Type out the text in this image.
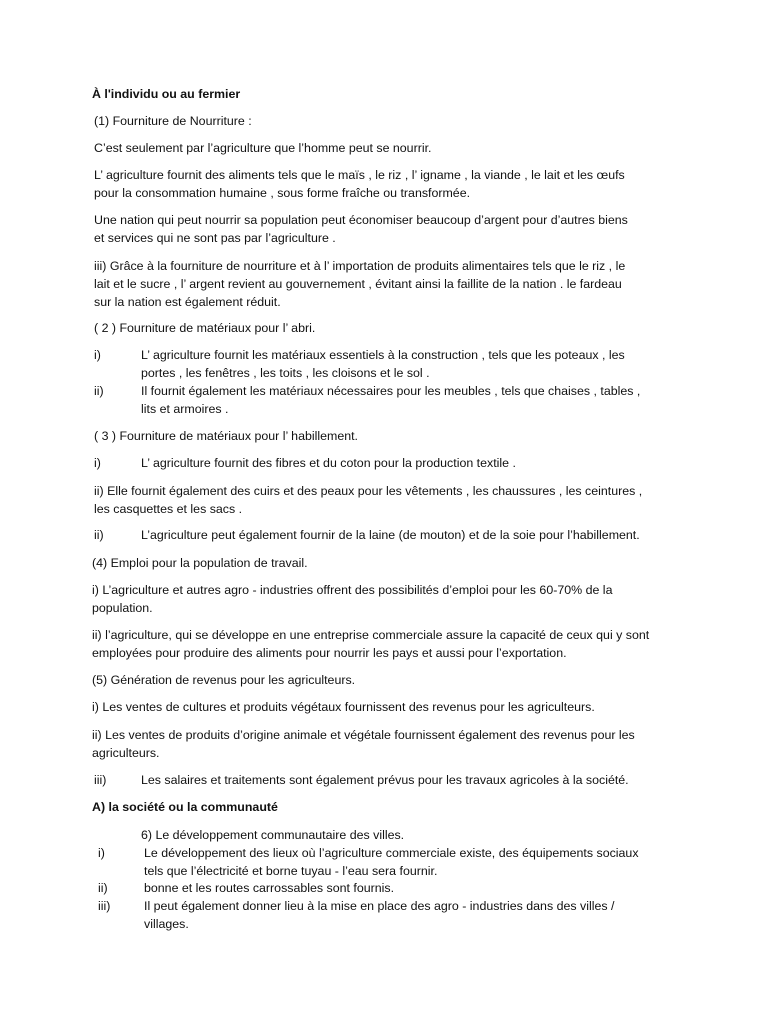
À l'individu ou au fermier
(1) Fourniture de Nourriture :
C’est seulement par l’agriculture que l’homme peut se nourrir.
L’ agriculture fournit des aliments tels que le maïs , le riz , l’ igname , la viande , le lait et les œufs
pour la consommation humaine , sous forme fraîche ou transformée.
Une nation qui peut nourrir sa population peut économiser beaucoup d’argent pour d’autres biens
et services qui ne sont pas par l’agriculture .
iii) Grâce à la fourniture de nourriture et à l’ importation de produits alimentaires tels que le riz , le
lait et le sucre , l’ argent revient au gouvernement , évitant ainsi la faillite de la nation . le fardeau
sur la nation est également réduit.
( 2 ) Fourniture de matériaux pour l’ abri.
i)	L’ agriculture fournit les matériaux essentiels à la construction , tels que les poteaux , les
portes , les fenêtres , les toits , les cloisons et le sol .
ii)	Il fournit également les matériaux nécessaires pour les meubles , tels que chaises , tables ,
lits et armoires .
( 3 ) Fourniture de matériaux pour l’ habillement.
i)	L’ agriculture fournit des fibres et du coton pour la production textile .
ii) Elle fournit également des cuirs et des peaux pour les vêtements , les chaussures , les ceintures ,
les casquettes et les sacs .
ii)	L’agriculture peut également fournir de la laine (de mouton) et de la soie pour l’habillement.
(4) Emploi pour la population de travail.
i) L’agriculture et autres agro - industries offrent des possibilités d’emploi pour les 60-70% de la
population.
ii) l’agriculture, qui se développe en une entreprise commerciale assure la capacité de ceux qui y sont
employées pour produire des aliments pour nourrir les pays et aussi pour l’exportation.
(5) Génération de revenus pour les agriculteurs.
i) Les ventes de cultures et produits végétaux fournissent des revenus pour les agriculteurs.
ii) Les ventes de produits d’origine animale et végétale fournissent également des revenus pour les
agriculteurs.
iii)	Les salaires et traitements sont également prévus pour les travaux agricoles à la société.
A) la société ou la communauté
6) Le développement communautaire des villes.
i)	Le développement des lieux où l’agriculture commerciale existe, des équipements sociaux
tels que l’électricité et borne tuyau - l’eau sera fournir.
ii)	bonne et les routes carrossables sont fournis.
iii)	Il peut également donner lieu à la mise en place des agro - industries dans des villes /
villages.
